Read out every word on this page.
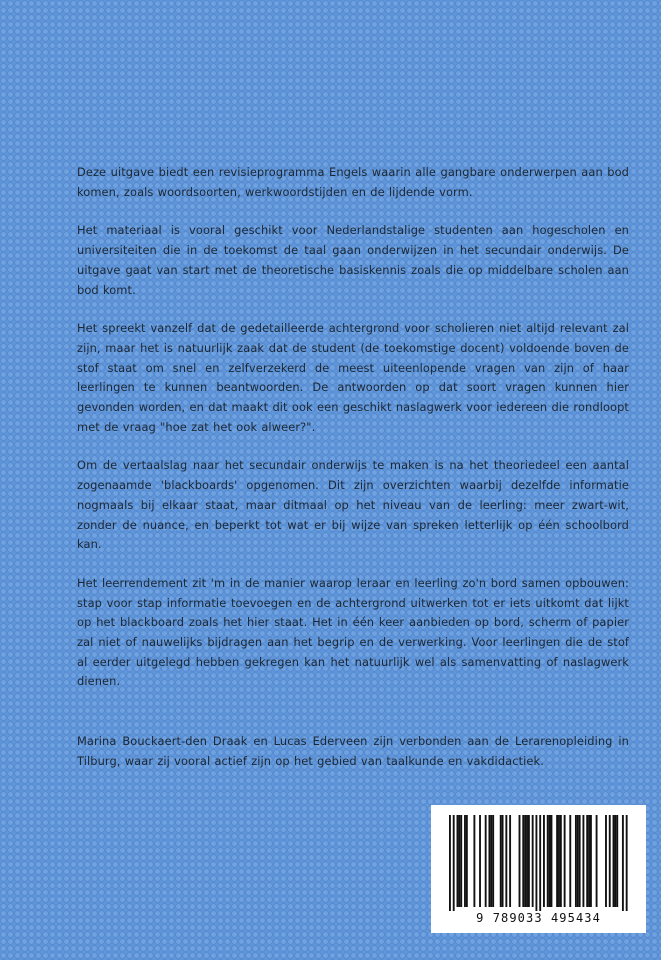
Deze uitgave biedt een revisieprogramma Engels waarin alle gangbare onderwerpen aan bod komen, zoals woordsoorten, werkwoordstijden en de lijdende vorm.

Het materiaal is vooral geschikt voor Nederlandstalige studenten aan hogescholen en universiteiten die in de toekomst de taal gaan onderwijzen in het secundair onderwijs. De uitgave gaat van start met de theoretische basiskennis zoals die op middelbare scholen aan bod komt.

Het spreekt vanzelf dat de gedetailleerde achtergrond voor scholieren niet altijd relevant zal zijn, maar het is natuurlijk zaak dat de student (de toekomstige docent) voldoende boven de stof staat om snel en zelfverzekerd de meest uiteenlopende vragen van zijn of haar leerlingen te kunnen beantwoorden. De antwoorden op dat soort vragen kunnen hier gevonden worden, en dat maakt dit ook een geschikt naslagwerk voor iedereen die rondloopt met de vraag "hoe zat het ook alweer?".

Om de vertaalslag naar het secundair onderwijs te maken is na het theoriedeel een aantal zogenaamde 'blackboards' opgenomen. Dit zijn overzichten waarbij dezelfde informatie nogmaals bij elkaar staat, maar ditmaal op het niveau van de leerling: meer zwart-wit, zonder de nuance, en beperkt tot wat er bij wijze van spreken letterlijk op één schoolbord kan.

Het leerrendement zit 'm in de manier waarop leraar en leerling zo'n bord samen opbouwen: stap voor stap informatie toevoegen en de achtergrond uitwerken tot er iets uitkomt dat lijkt op het blackboard zoals het hier staat. Het in één keer aanbieden op bord, scherm of papier zal niet of nauwelijks bijdragen aan het begrip en de verwerking. Voor leerlingen die de stof al eerder uitgelegd hebben gekregen kan het natuurlijk wel als samenvatting of naslagwerk dienen.

Marina Bouckaert-den Draak en Lucas Ederveen zijn verbonden aan de Lerarenopleiding in Tilburg, waar zij vooral actief zijn op het gebied van taalkunde en vakdidactiek.

9 789033 495434
